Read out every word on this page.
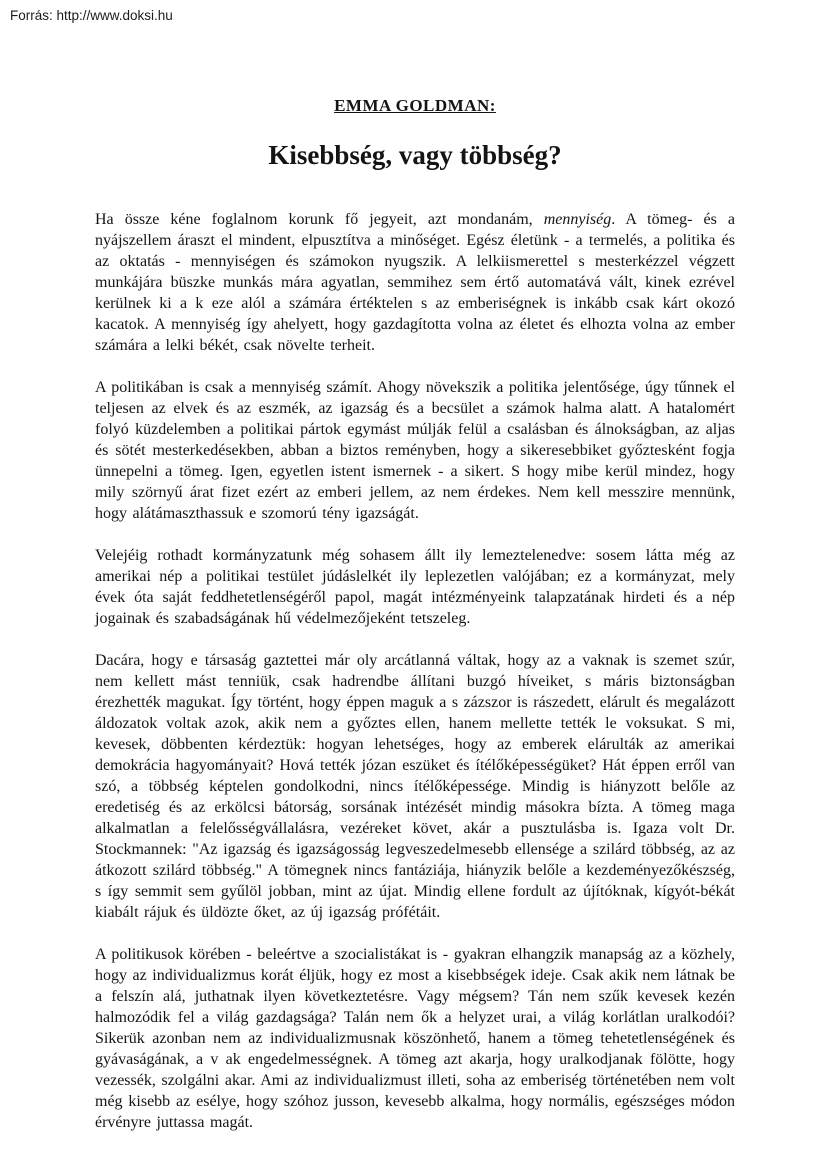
Forrás: http://www.doksi.hu
EMMA GOLDMAN:
Kisebbség, vagy többség?

Ha össze kéne foglalnom korunk fő jegyeit, azt mondanám, mennyiség. A tömeg- és a nyájszellem áraszt el mindent, elpusztítva a minőséget. Egész életünk - a termelés, a politika és az oktatás - mennyiségen és számokon nyugszik. A lelkiismerettel s mesterkézzel végzett munkájára büszke munkás mára agyatlan, semmihez sem értő automatává vált, kinek ezrével kerülnek ki a k eze alól a számára értéktelen s az emberiségnek is inkább csak kárt okozó kacatok. A mennyiség így ahelyett, hogy gazdagította volna az életet és elhozta volna az ember számára a lelki békét, csak növelte terheit.

A politikában is csak a mennyiség számít. Ahogy növekszik a politika jelentősége, úgy tűnnek el teljesen az elvek és az eszmék, az igazság és a becsület a számok halma alatt. A hatalomért folyó küzdelemben a politikai pártok egymást múlják felül a csalásban és álnokságban, az aljas és sötét mesterkedésekben, abban a biztos reményben, hogy a sikeresebbiket győztesként fogja ünnepelni a tömeg. Igen, egyetlen istent ismernek - a sikert. S hogy mibe kerül mindez, hogy mily szörnyű árat fizet ezért az emberi jellem, az nem érdekes. Nem kell messzire mennünk, hogy alátámaszthassuk e szomorú tény igazságát.

Velejéig rothadt kormányzatunk még sohasem állt ily lemeztelenedve: sosem látta még az amerikai nép a politikai testület júdáslelkét ily leplezetlen valójában; ez a kormányzat, mely évek óta saját feddhetetlenségéről papol, magát intézményeink talapzatának hirdeti és a nép jogainak és szabadságának hű védelmezőjeként tetszeleg.

Dacára, hogy e társaság gaztettei már oly arcátlanná váltak, hogy az a vaknak is szemet szúr, nem kellett mást tenniük, csak hadrendbe állítani buzgó híveiket, s máris biztonságban érezhették magukat. Így történt, hogy éppen maguk a s zázszor is rászedett, elárult és megalázott áldozatok voltak azok, akik nem a győztes ellen, hanem mellette tették le voksukat. S mi, kevesek, döbbenten kérdeztük: hogyan lehetséges, hogy az emberek elárulták az amerikai demokrácia hagyományait? Hová tették józan eszüket és ítélőképességüket? Hát éppen erről van szó, a többség képtelen gondolkodni, nincs ítélőképessége. Mindig is hiányzott belőle az eredetiség és az erkölcsi bátorság, sorsának intézését mindig másokra bízta. A tömeg maga alkalmatlan a felelősségvállalásra, vezéreket követ, akár a pusztulásba is. Igaza volt Dr. Stockmannek: "Az igazság és igazságosság legveszedelmesebb ellensége a szilárd többség, az az átkozott szilárd többség." A tömegnek nincs fantáziája, hiányzik belőle a kezdeményezőkészség, s így semmit sem gyűlöl jobban, mint az újat. Mindig ellene fordult az újítóknak, kígyót-békát kiabált rájuk és üldözte őket, az új igazság prófétáit.

A politikusok körében - beleértve a szocialistákat is - gyakran elhangzik manapság az a közhely, hogy az individualizmus korát éljük, hogy ez most a kisebbségek ideje. Csak akik nem látnak be a felszín alá, juthatnak ilyen következtetésre. Vagy mégsem? Tán nem szűk kevesek kezén halmozódik fel a világ gazdagsága? Talán nem ők a helyzet urai, a világ korlátlan uralkodói? Sikerük azonban nem az individualizmusnak köszönhető, hanem a tömeg tehetetlenségének és gyávaságának, a v ak engedelmességnek. A tömeg azt akarja, hogy uralkodjanak fölötte, hogy vezessék, szolgálni akar. Ami az individualizmust illeti, soha az emberiség történetében nem volt még kisebb az esélye, hogy szóhoz jusson, kevesebb alkalma, hogy normális, egészséges módon érvényre juttassa magát.
